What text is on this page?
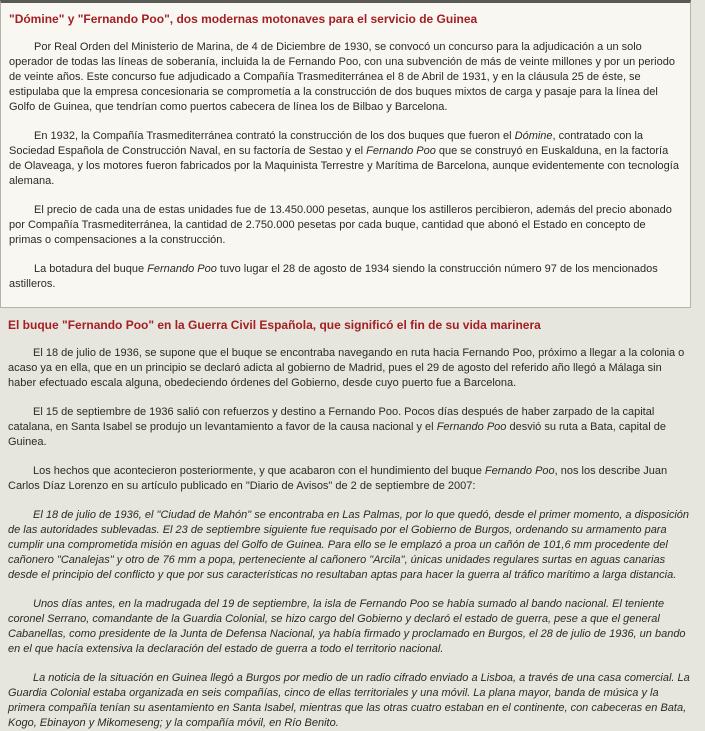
"Dómine" y "Fernando Poo", dos modernas motonaves para el servicio de Guinea

Por Real Orden del Ministerio de Marina, de 4 de Diciembre de 1930, se convocó un concurso para la adjudicación a un solo operador de todas las líneas de soberanía, incluida la de Fernando Poo, con una subvención de más de veinte millones y por un periodo de veinte años. Este concurso fue adjudicado a Compañía Trasmediterránea el 8 de Abril de 1931, y en la cláusula 25 de éste, se estipulaba que la empresa concesionaria se comprometía a la construcción de dos buques mixtos de carga y pasaje para la línea del Golfo de Guinea, que tendrían como puertos cabecera de línea los de Bilbao y Barcelona.

En 1932, la Compañía Trasmediterránea contrató la construcción de los dos buques que fueron el Dómine, contratado con la Sociedad Española de Construcción Naval, en su factoría de Sestao y el Fernando Poo que se construyó en Euskalduna, en la factoría de Olaveaga, y los motores fueron fabricados por la Maquinista Terrestre y Marítima de Barcelona, aunque evidentemente con tecnología alemana.

El precio de cada una de estas unidades fue de 13.450.000 pesetas, aunque los astilleros percibieron, además del precio abonado por Compañía Trasmediterránea, la cantidad de 2.750.000 pesetas por cada buque, cantidad que abonó el Estado en concepto de primas o compensaciones a la construcción.

La botadura del buque Fernando Poo tuvo lugar el 28 de agosto de 1934 siendo la construcción número 97 de los mencionados astilleros.

El buque "Fernando Poo" en la Guerra Civil Española, que significó el fin de su vida marinera

El 18 de julio de 1936, se supone que el buque se encontraba navegando en ruta hacia Fernando Poo, próximo a llegar a la colonia o acaso ya en ella, que en un principio se declaró adicta al gobierno de Madrid, pues el 29 de agosto del referido año llegó a Málaga sin haber efectuado escala alguna, obedeciendo órdenes del Gobierno, desde cuyo puerto fue a Barcelona.

El 15 de septiembre de 1936 salió con refuerzos y destino a Fernando Poo. Pocos días después de haber zarpado de la capital catalana, en Santa Isabel se produjo un levantamiento a favor de la causa nacional y el Fernando Poo desvió su ruta a Bata, capital de Guinea.

Los hechos que acontecieron posteriormente, y que acabaron con el hundimiento del buque Fernando Poo, nos los describe Juan Carlos Díaz Lorenzo en su artículo publicado en "Diario de Avisos" de 2 de septiembre de 2007:

El 18 de julio de 1936, el "Ciudad de Mahón" se encontraba en Las Palmas, por lo que quedó, desde el primer momento, a disposición de las autoridades sublevadas. El 23 de septiembre siguiente fue requisado por el Gobierno de Burgos, ordenando su armamento para cumplir una comprometida misión en aguas del Golfo de Guinea. Para ello se le emplazó a proa un cañón de 101,6 mm procedente del cañonero "Canalejas" y otro de 76 mm a popa, perteneciente al cañonero "Arcila", únicas unidades regulares surtas en aguas canarias desde el principio del conflicto y que por sus características no resultaban aptas para hacer la guerra al tráfico marítimo a larga distancia.

Unos días antes, en la madrugada del 19 de septiembre, la isla de Fernando Poo se había sumado al bando nacional. El teniente coronel Serrano, comandante de la Guardia Colonial, se hizo cargo del Gobierno y declaró el estado de guerra, pese a que el general Cabanellas, como presidente de la Junta de Defensa Nacional, ya había firmado y proclamado en Burgos, el 28 de julio de 1936, un bando en el que hacía extensiva la declaración del estado de guerra a todo el territorio nacional.

La noticia de la situación en Guinea llegó a Burgos por medio de un radio cifrado enviado a Lisboa, a través de una casa comercial. La Guardia Colonial estaba organizada en seis compañías, cinco de ellas territoriales y una móvil. La plana mayor, banda de música y la primera compañía tenían su asentamiento en Santa Isabel, mientras que las otras cuatro estaban en el continente, con cabeceras en Bata, Kogo, Ebinayon y Mikomeseng; y la compañía móvil, en Río Benito.
